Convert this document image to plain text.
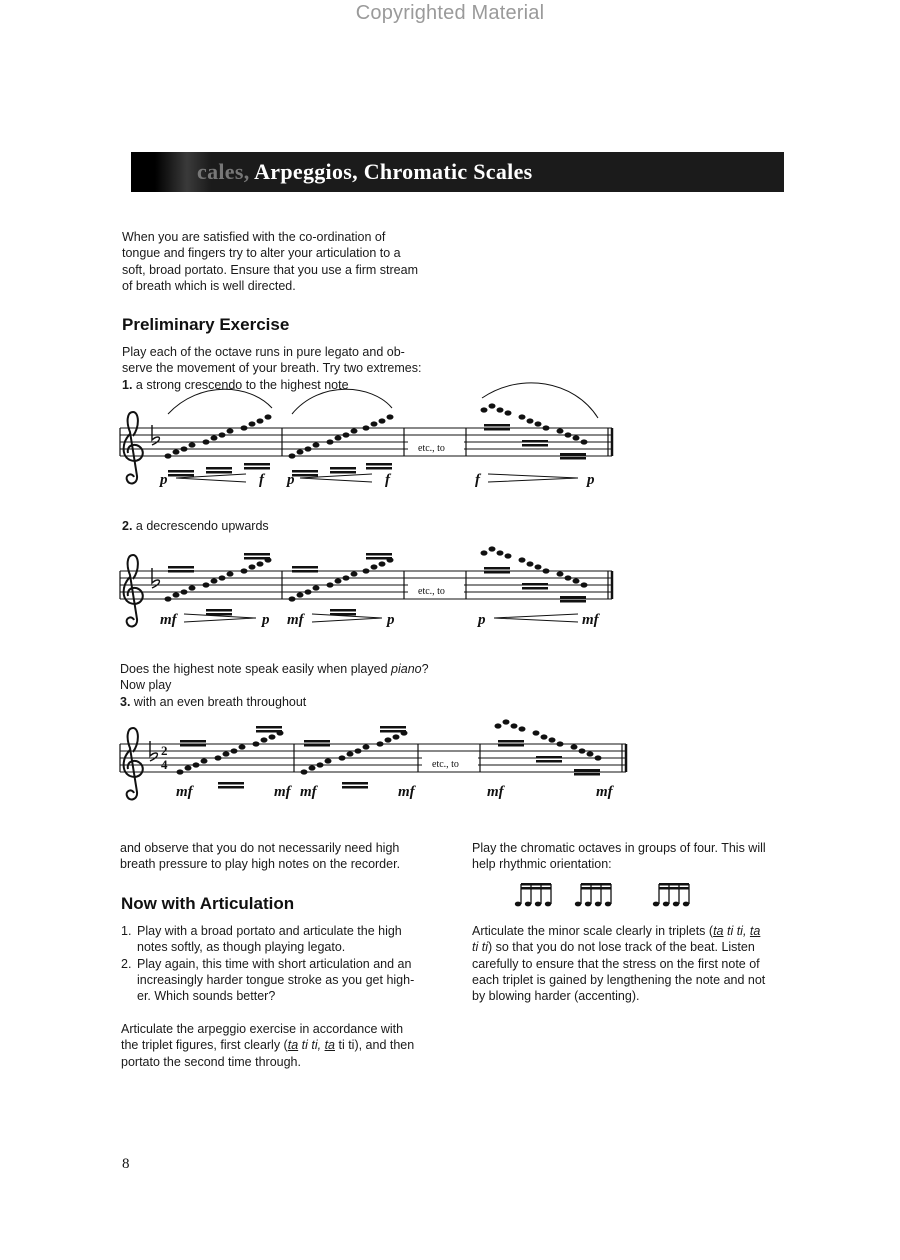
Copyrighted Material
cales, Arpeggios, Chromatic Scales
When you are satisfied with the co-ordination of
tongue and fingers try to alter your articulation to a
soft, broad portato. Ensure that you use a firm stream
of breath which is well directed.
Preliminary Exercise
Play each of the octave runs in pure legato and ob-
serve the movement of your breath. Try two extremes:
1. a strong crescendo to the highest note
2. a decrescendo upwards
Does the highest note speak easily when played piano?
Now play
3. with an even breath throughout
etc., to
p	f p	f	f	p
etc., to
mf	p mf	p	p	mf
2
4	etc., to
mf	mf mf	mf	mf	mf
and observe that you do not necessarily need high
breath pressure to play high notes on the recorder.
Now with Articulation
1. Play with a broad portato and articulate the high
notes softly, as though playing legato.
2. Play again, this time with short articulation and an
increasingly harder tongue stroke as you get high-
er. Which sounds better?
Articulate the arpeggio exercise in accordance with
the triplet figures, first clearly (ta ti ti, ta ti ti), and then
portato the second time through.
Play the chromatic octaves in groups of four. This will
help rhythmic orientation:
Articulate the minor scale clearly in triplets (ta ti ti, ta
ti ti) so that you do not lose track of the beat. Listen
carefully to ensure that the stress on the first note of
each triplet is gained by lengthening the note and not
by blowing harder (accenting).
8
